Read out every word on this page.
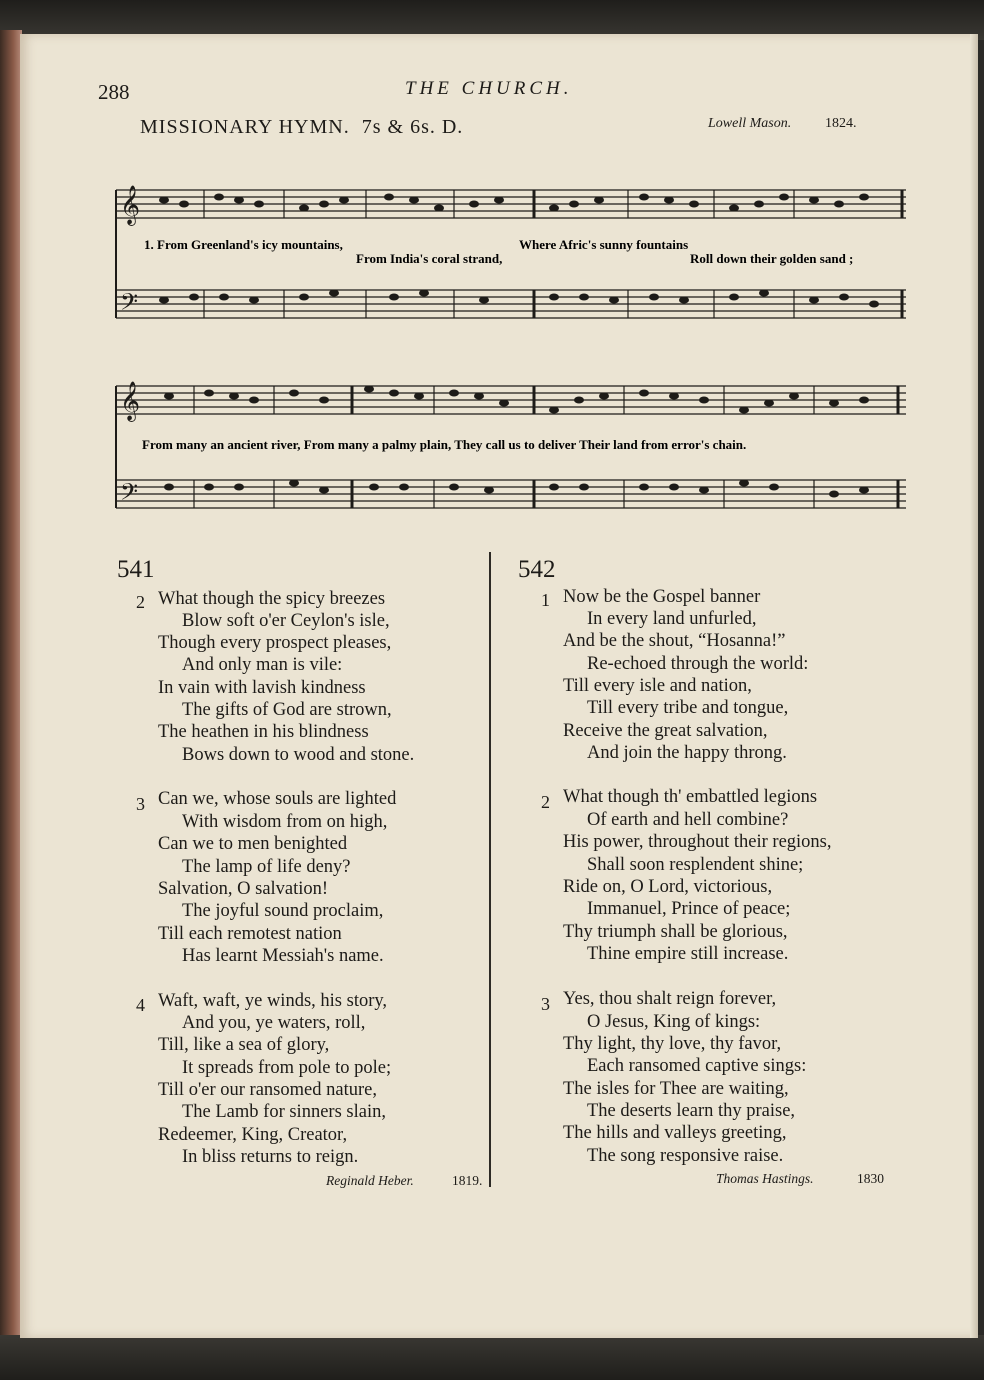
288	THE CHURCH.
MISSIONARY HYMN. 7s & 6s. D.	Lowell Mason. 1824.
𝄞
𝄢
1. From Greenland's icy mountains,	Where Afric's sunny fountains
From India's coral strand,	Roll down their golden sand ;
𝄞
𝄢
From many an ancient river, From many a palmy plain, They call us to deliver Their land from error's chain.
541
2 What though the spicy breezes
Blow soft o'er Ceylon's isle,
Though every prospect pleases,
And only man is vile:
In vain with lavish kindness
The gifts of God are strown,
The heathen in his blindness
Bows down to wood and stone.
3 Can we, whose souls are lighted
With wisdom from on high,
Can we to men benighted
The lamp of life deny?
Salvation, O salvation!
The joyful sound proclaim,
Till each remotest nation
Has learnt Messiah's name.
4 Waft, waft, ye winds, his story,
And you, ye waters, roll,
Till, like a sea of glory,
It spreads from pole to pole;
Till o'er our ransomed nature,
The Lamb for sinners slain,
Redeemer, King, Creator,
In bliss returns to reign.
Reginald Heber.	1819.
542
1 Now be the Gospel banner
In every land unfurled,
And be the shout, “Hosanna!”
Re-echoed through the world:
Till every isle and nation,
Till every tribe and tongue,
Receive the great salvation,
And join the happy throng.
2 What though th' embattled legions
Of earth and hell combine?
His power, throughout their regions,
Shall soon resplendent shine;
Ride on, O Lord, victorious,
Immanuel, Prince of peace;
Thy triumph shall be glorious,
Thine empire still increase.
3 Yes, thou shalt reign forever,
O Jesus, King of kings:
Thy light, thy love, thy favor,
Each ransomed captive sings:
The isles for Thee are waiting,
The deserts learn thy praise,
The hills and valleys greeting,
The song responsive raise.
Thomas Hastings.	1830
